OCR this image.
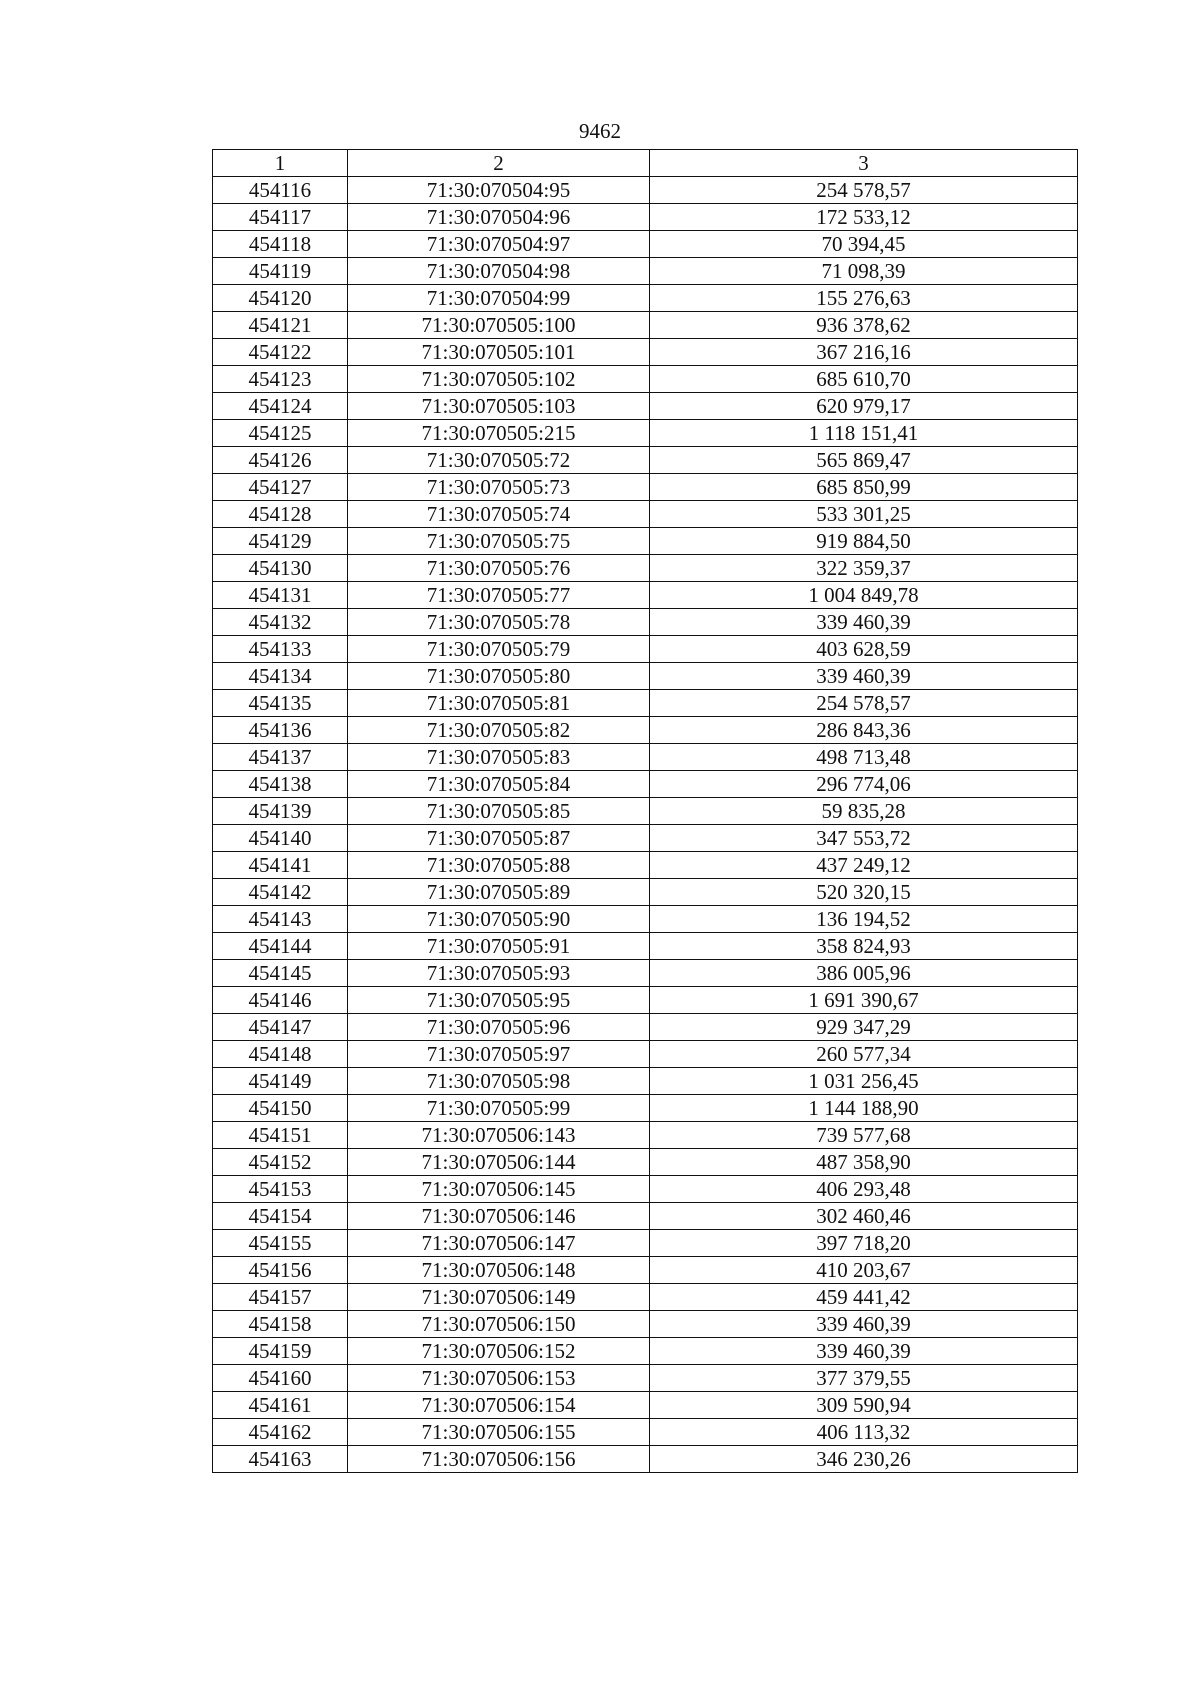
9462
1	2	3
454116	71:30:070504:95	254 578,57
454117	71:30:070504:96	172 533,12
454118	71:30:070504:97	70 394,45
454119	71:30:070504:98	71 098,39
454120	71:30:070504:99	155 276,63
454121	71:30:070505:100	936 378,62
454122	71:30:070505:101	367 216,16
454123	71:30:070505:102	685 610,70
454124	71:30:070505:103	620 979,17
454125	71:30:070505:215	1 118 151,41
454126	71:30:070505:72	565 869,47
454127	71:30:070505:73	685 850,99
454128	71:30:070505:74	533 301,25
454129	71:30:070505:75	919 884,50
454130	71:30:070505:76	322 359,37
454131	71:30:070505:77	1 004 849,78
454132	71:30:070505:78	339 460,39
454133	71:30:070505:79	403 628,59
454134	71:30:070505:80	339 460,39
454135	71:30:070505:81	254 578,57
454136	71:30:070505:82	286 843,36
454137	71:30:070505:83	498 713,48
454138	71:30:070505:84	296 774,06
454139	71:30:070505:85	59 835,28
454140	71:30:070505:87	347 553,72
454141	71:30:070505:88	437 249,12
454142	71:30:070505:89	520 320,15
454143	71:30:070505:90	136 194,52
454144	71:30:070505:91	358 824,93
454145	71:30:070505:93	386 005,96
454146	71:30:070505:95	1 691 390,67
454147	71:30:070505:96	929 347,29
454148	71:30:070505:97	260 577,34
454149	71:30:070505:98	1 031 256,45
454150	71:30:070505:99	1 144 188,90
454151	71:30:070506:143	739 577,68
454152	71:30:070506:144	487 358,90
454153	71:30:070506:145	406 293,48
454154	71:30:070506:146	302 460,46
454155	71:30:070506:147	397 718,20
454156	71:30:070506:148	410 203,67
454157	71:30:070506:149	459 441,42
454158	71:30:070506:150	339 460,39
454159	71:30:070506:152	339 460,39
454160	71:30:070506:153	377 379,55
454161	71:30:070506:154	309 590,94
454162	71:30:070506:155	406 113,32
454163	71:30:070506:156	346 230,26
